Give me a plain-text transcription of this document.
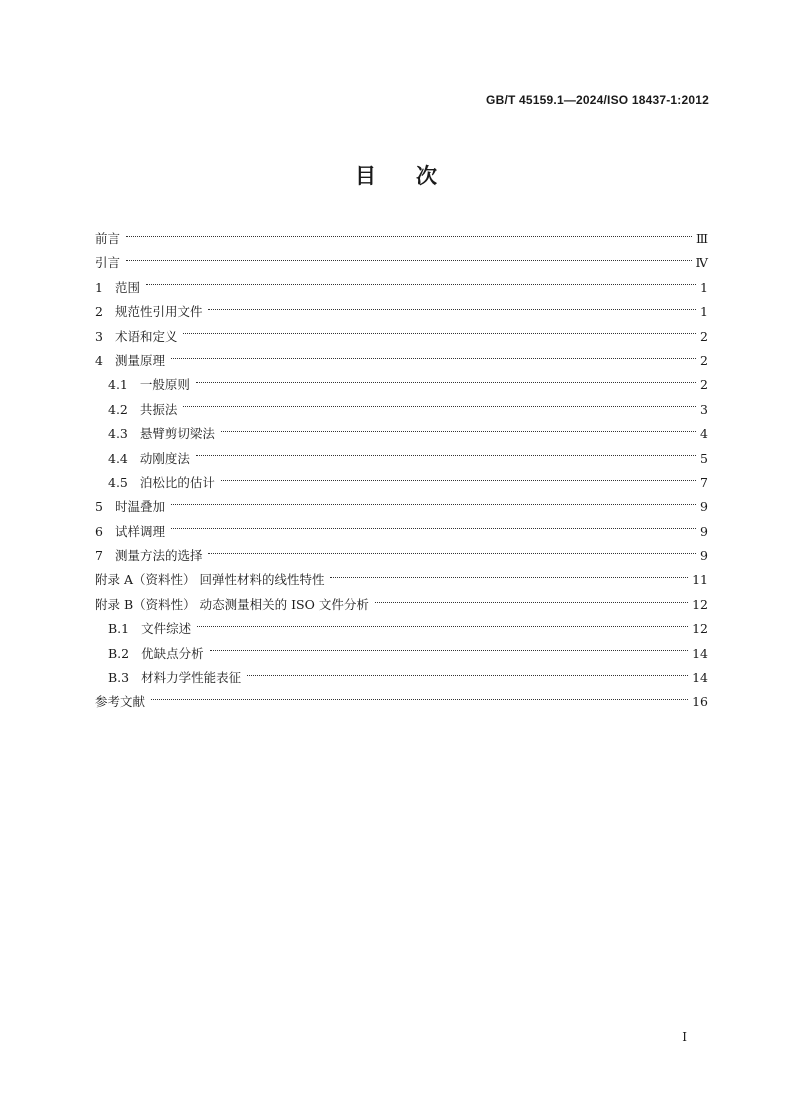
GB/T 45159.1—2024/ISO 18437-1:2012
目次
前言	Ⅲ
引言	Ⅳ
1 范围	1
2 规范性引用文件	1
3 术语和定义	2
4 测量原理	2
4.1 一般原则	2
4.2 共振法	3
4.3 悬臂剪切梁法	4
4.4 动刚度法	5
4.5 泊松比的估计	7
5 时温叠加	9
6 试样调理	9
7 测量方法的选择	9
附录 A（资料性） 回弹性材料的线性特性	11
附录 B（资料性） 动态测量相关的 ISO 文件分析	12
B.1 文件综述	12
B.2 优缺点分析	14
B.3 材料力学性能表征	14
参考文献	16
I
